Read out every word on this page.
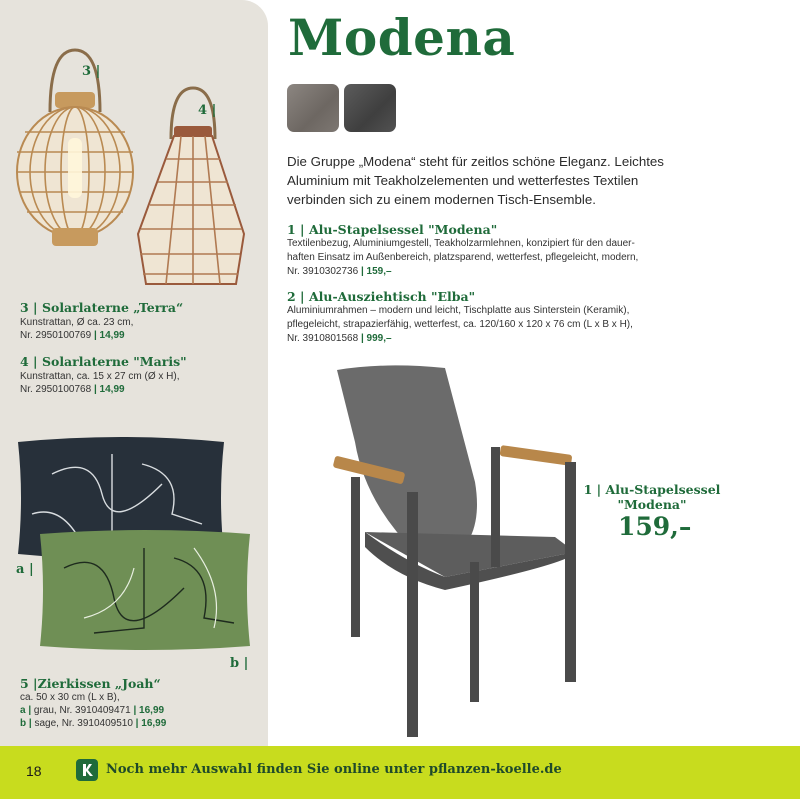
3 |
4 |
3 | Solarlaterne „Terra“
Kunstrattan, Ø ca. 23 cm,
Nr. 2950100769 | 14,99
4 | Solarlaterne "Maris"
Kunstrattan, ca. 15 x 27 cm (Ø x H),
Nr. 2950100768 | 14,99
a |
b |
5 |Zierkissen „Joah“
ca. 50 x 30 cm (L x B),
a | grau, Nr. 3910409471 | 16,99
b | sage, Nr. 3910409510 | 16,99
Modena
Die Gruppe „Modena“ steht für zeitlos schöne Eleganz. Leichtes Aluminium mit Teakholzelementen und wetterfestes Textilen verbinden sich zu einem modernen Tisch-Ensemble.
1 | Alu-Stapelsessel "Modena"
Textilenbezug, Aluminiumgestell, Teakholzarmlehnen, konzipiert für den dauer-
haften Einsatz im Außenbereich, platzsparend, wetterfest, pflegeleicht, modern,
Nr. 3910302736 | 159,–
2 | Alu-Ausziehtisch "Elba"
Aluminiumrahmen – modern und leicht, Tischplatte aus Sinterstein (Keramik),
pflegeleicht, strapazierfähig, wetterfest, ca. 120/160 x 120 x 76 cm (L x B x H),
Nr. 3910801568 | 999,–
1 | Alu-Stapelsessel
"Modena"
159,–
18	Noch mehr Auswahl finden Sie online unter pflanzen-koelle.de
